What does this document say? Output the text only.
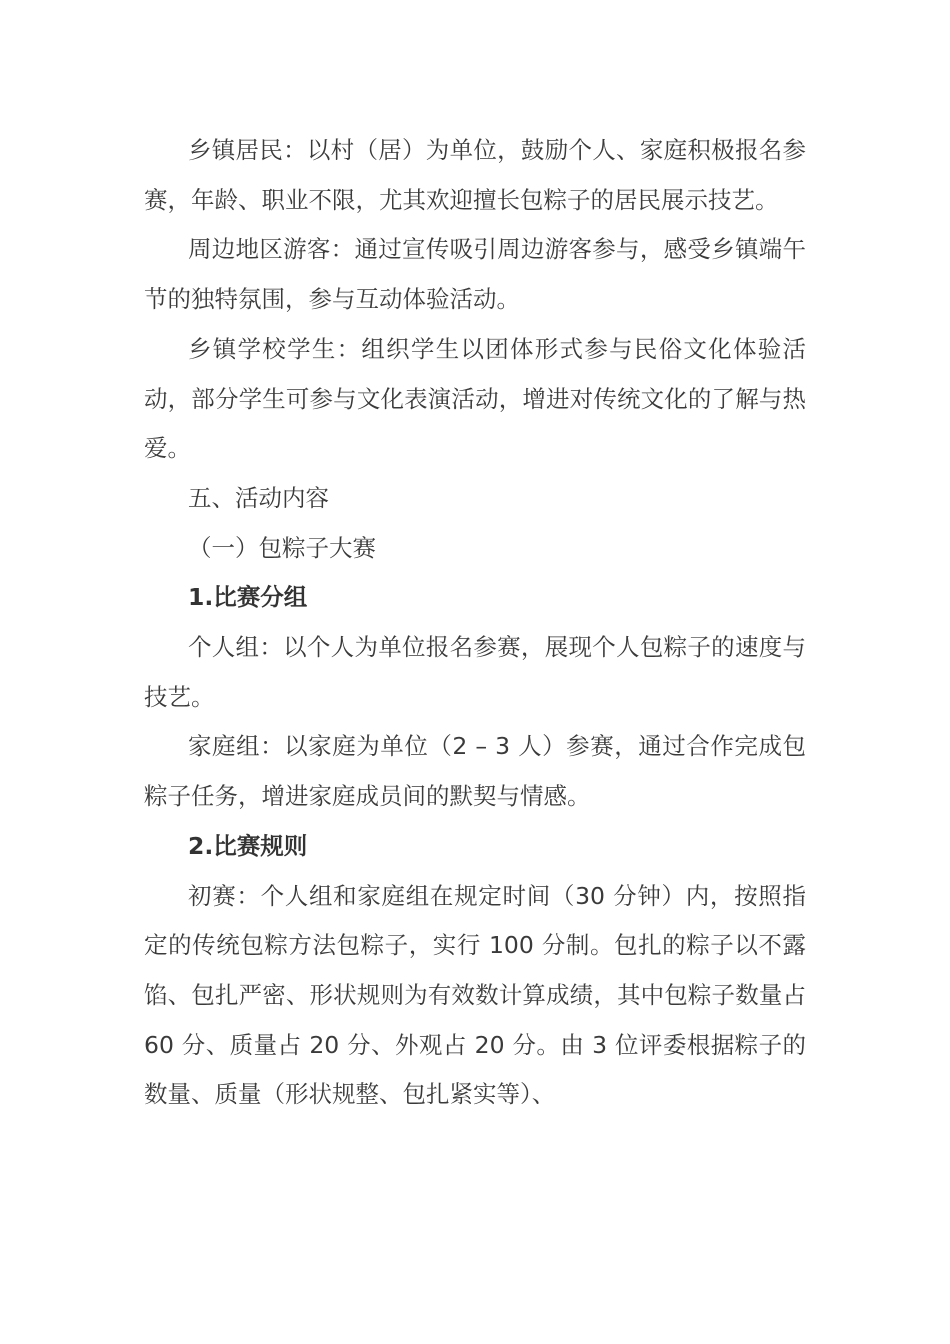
乡镇居民：以村（居）为单位，鼓励个人、家庭积极报名参赛，年龄、职业不限，尤其欢迎擅长包粽子的居民展示技艺。

周边地区游客：通过宣传吸引周边游客参与，感受乡镇端午节的独特氛围，参与互动体验活动。

乡镇学校学生：组织学生以团体形式参与民俗文化体验活动，部分学生可参与文化表演活动，增进对传统文化的了解与热爱。

五、活动内容

（一）包粽子大赛

1.比赛分组

个人组：以个人为单位报名参赛，展现个人包粽子的速度与技艺。

家庭组：以家庭为单位（2 – 3 人）参赛，通过合作完成包粽子任务，增进家庭成员间的默契与情感。

2.比赛规则

初赛：个人组和家庭组在规定时间（30 分钟）内，按照指定的传统包粽方法包粽子，实行 100 分制。包扎的粽子以不露馅、包扎严密、形状规则为有效数计算成绩，其中包粽子数量占 60 分、质量占 20 分、外观占 20 分。由 3 位评委根据粽子的数量、质量（形状规整、包扎紧实等）、
